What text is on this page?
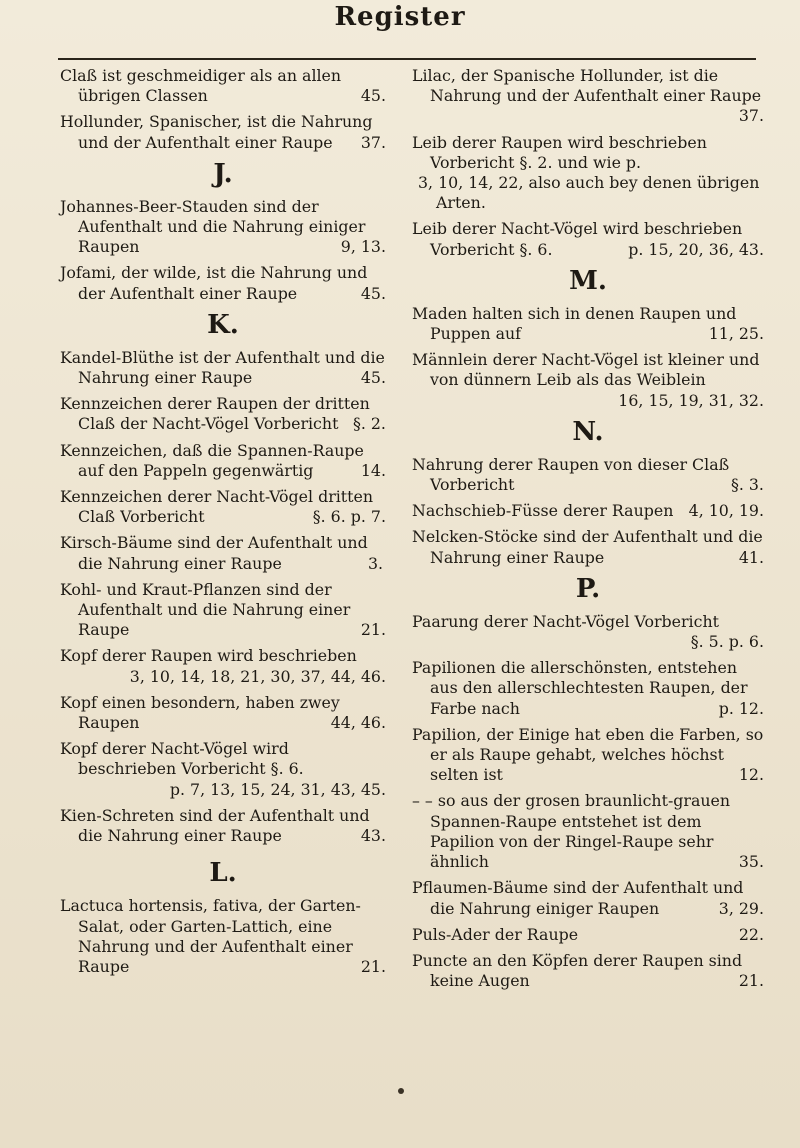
Register
Claß ist geschmeidiger als an allen übrigen Classen	45.
Hollunder, Spanischer, ist die Nahrung und der Aufenthalt einer Raupe 37.
J.
Johannes-Beer-Stauden sind der Aufenthalt und die Nahrung einiger Raupen	9, 13.
Jofami, der wilde, ist die Nahrung und der Aufenthalt einer Raupe	45.
K.
Kandel-Blüthe ist der Aufenthalt und die Nahrung einer Raupe	45.
Kennzeichen derer Raupen der dritten Claß der Nacht-Vögel Vorbericht §. 2.
Kennzeichen, daß die Spannen-Raupe auf den Pappeln gegenwärtig	14.
Kennzeichen derer Nacht-Vögel dritten Claß Vorbericht	§. 6. p. 7.
Kirsch-Bäume sind der Aufenthalt und die Nahrung einer Raupe	3.
Kohl- und Kraut-Pflanzen sind der Aufenthalt und die Nahrung einer Raupe	21.
Kopf derer Raupen wird beschrieben
3, 10, 14, 18, 21, 30, 37, 44, 46.
Kopf einen besondern, haben zwey Raupen	44, 46.
Kopf derer Nacht-Vögel wird beschrieben Vorbericht §. 6.
p. 7, 13, 15, 24, 31, 43, 45.
Kien-Schreten sind der Aufenthalt und die Nahrung einer Raupe	43.
L.
Lactuca hortensis, fativa, der Garten-Salat, oder Garten-Lattich, eine Nahrung und der Aufenthalt einer Raupe	21.
Lilac, der Spanische Hollunder, ist die Nahrung und der Aufenthalt einer Raupe
37.
Leib derer Raupen wird beschrieben Vorbericht §. 2. und wie p.
3, 10, 14, 22, also auch bey denen übrigen Arten.
Leib derer Nacht-Vögel wird beschrieben Vorbericht §. 6.	p. 15, 20, 36, 43.
M.
Maden halten sich in denen Raupen und Puppen auf	11, 25.
Männlein derer Nacht-Vögel ist kleiner und von dünnern Leib als das Weiblein
16, 15, 19, 31, 32.
N.
Nahrung derer Raupen von dieser Claß Vorbericht	§. 3.
Nachschieb-Füsse derer Raupen 4, 10, 19.
Nelcken-Stöcke sind der Aufenthalt und die Nahrung einer Raupe	41.
P.
Paarung derer Nacht-Vögel Vorbericht
§. 5. p. 6.
Papilionen die allerschönsten, entstehen aus den allerschlechtesten Raupen, der Farbe nach	p. 12.
Papilion, der Einige hat eben die Farben, so er als Raupe gehabt, welches höchst selten ist	12.
– – so aus der grosen braunlicht-grauen Spannen-Raupe entstehet ist dem Papilion von der Ringel-Raupe sehr ähnlich	35.
Pflaumen-Bäume sind der Aufenthalt und die Nahrung einiger Raupen	3, 29.
Puls-Ader der Raupe	22.
Puncte an den Köpfen derer Raupen sind keine Augen	21.
